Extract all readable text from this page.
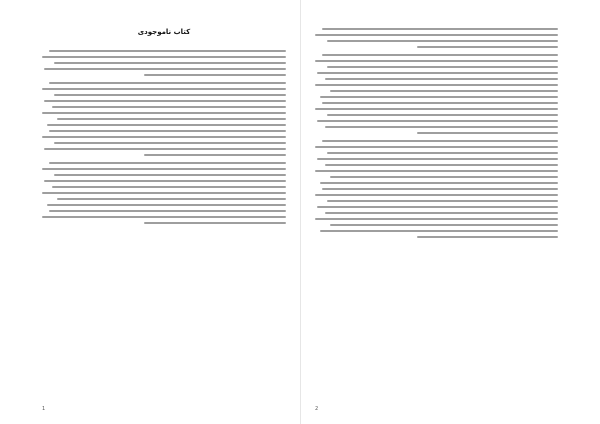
کتاب ناموجودی
1	2
